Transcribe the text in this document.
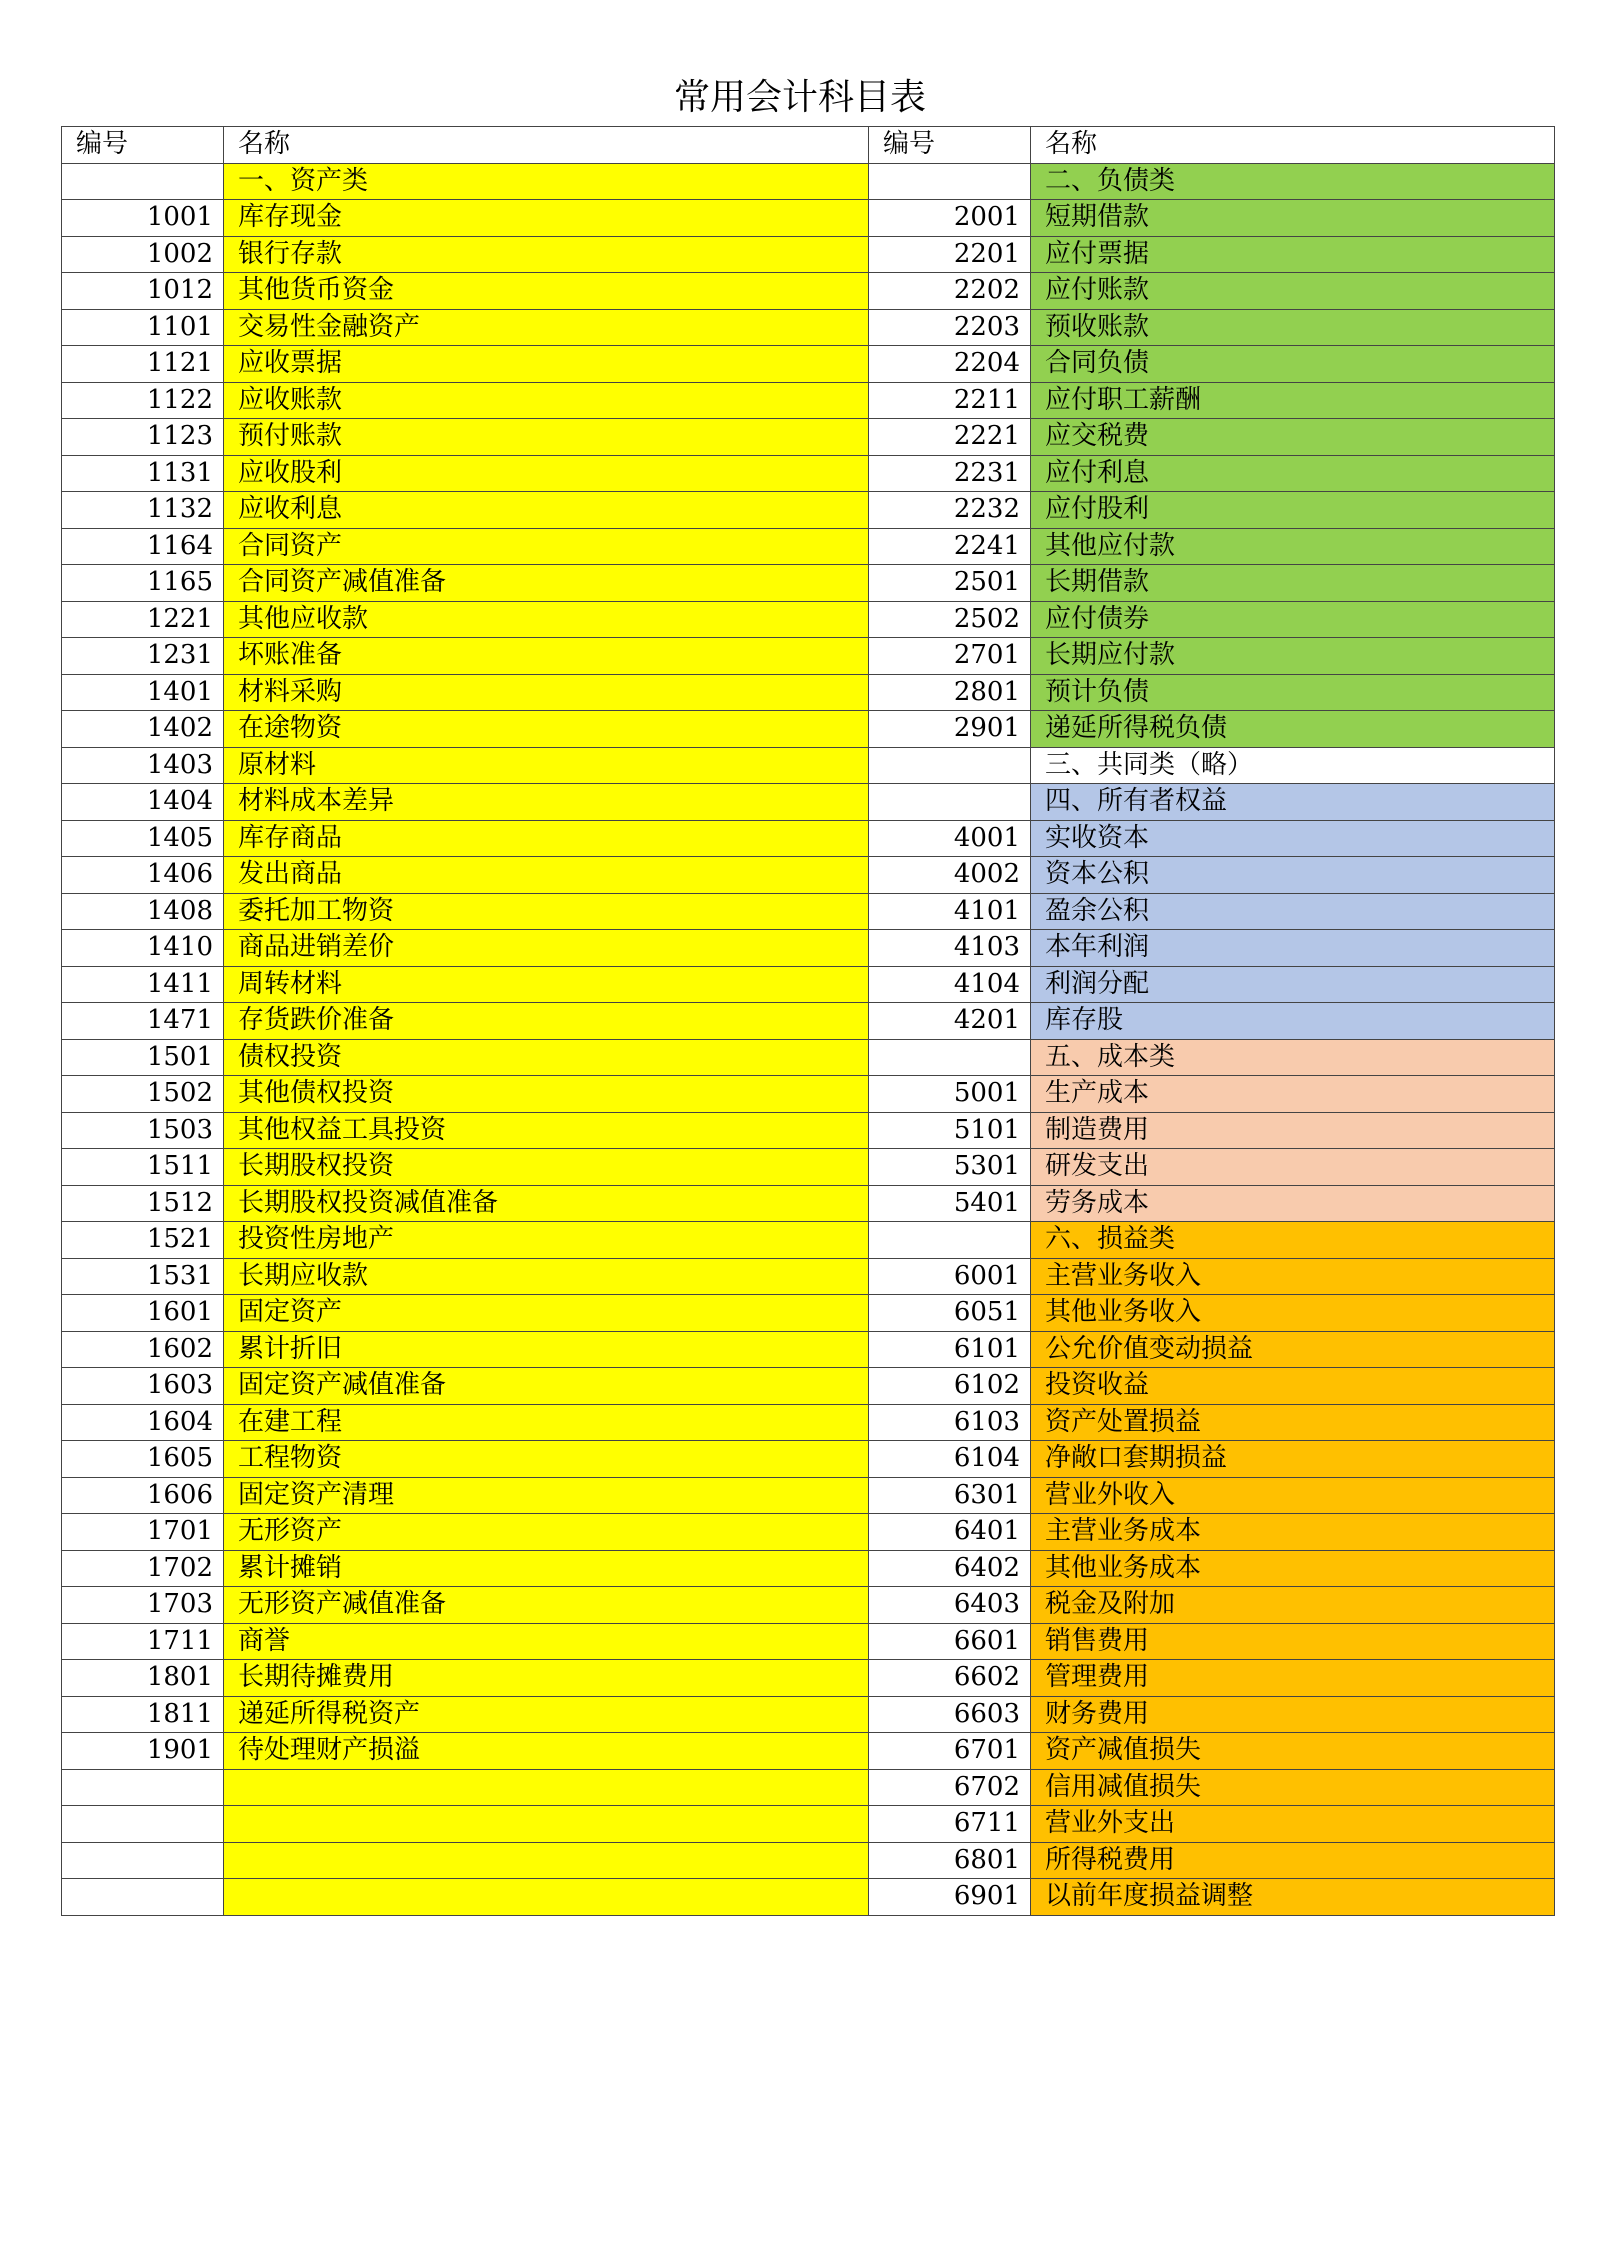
常用会计科目表
编号	名称	编号	名称
	一、资产类		二、负债类
1001	库存现金	2001	短期借款
1002	银行存款	2201	应付票据
1012	其他货币资金	2202	应付账款
1101	交易性金融资产	2203	预收账款
1121	应收票据	2204	合同负债
1122	应收账款	2211	应付职工薪酬
1123	预付账款	2221	应交税费
1131	应收股利	2231	应付利息
1132	应收利息	2232	应付股利
1164	合同资产	2241	其他应付款
1165	合同资产减值准备	2501	长期借款
1221	其他应收款	2502	应付债券
1231	坏账准备	2701	长期应付款
1401	材料采购	2801	预计负债
1402	在途物资	2901	递延所得税负债
1403	原材料		三、共同类（略）
1404	材料成本差异		四、所有者权益
1405	库存商品	4001	实收资本
1406	发出商品	4002	资本公积
1408	委托加工物资	4101	盈余公积
1410	商品进销差价	4103	本年利润
1411	周转材料	4104	利润分配
1471	存货跌价准备	4201	库存股
1501	债权投资		五、成本类
1502	其他债权投资	5001	生产成本
1503	其他权益工具投资	5101	制造费用
1511	长期股权投资	5301	研发支出
1512	长期股权投资减值准备	5401	劳务成本
1521	投资性房地产		六、损益类
1531	长期应收款	6001	主营业务收入
1601	固定资产	6051	其他业务收入
1602	累计折旧	6101	公允价值变动损益
1603	固定资产减值准备	6102	投资收益
1604	在建工程	6103	资产处置损益
1605	工程物资	6104	净敞口套期损益
1606	固定资产清理	6301	营业外收入
1701	无形资产	6401	主营业务成本
1702	累计摊销	6402	其他业务成本
1703	无形资产减值准备	6403	税金及附加
1711	商誉	6601	销售费用
1801	长期待摊费用	6602	管理费用
1811	递延所得税资产	6603	财务费用
1901	待处理财产损溢	6701	资产减值损失
		6702	信用减值损失
		6711	营业外支出
		6801	所得税费用
		6901	以前年度损益调整
